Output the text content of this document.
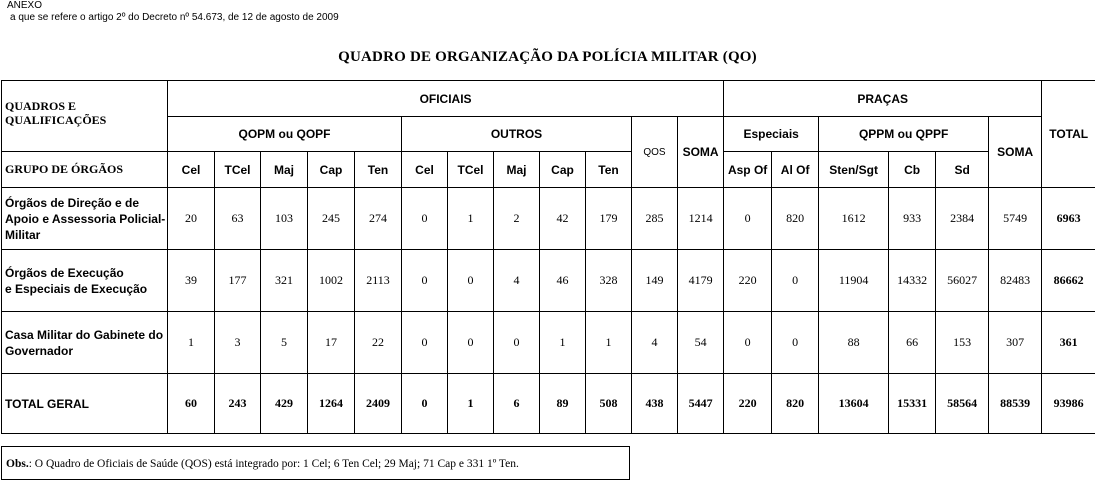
ANEXO
a que se refere o artigo 2º do Decreto nº 54.673, de 12 de agosto de 2009
QUADRO DE ORGANIZAÇÃO DA POLÍCIA MILITAR (QO)
QUADROS E
QUALIFICAÇÕES	OFICIAIS												PRAÇAS						TOTAL
	QOPM ou QOPF					OUTROS					QOS	SOMA	Especiais		QPPM ou QPPF			SOMA	
GRUPO DE ÓRGÃOS	Cel	TCel	Maj	Cap	Ten	Cel	TCel	Maj	Cap	Ten			Asp Of	Al Of	Sten/Sgt	Cb	Sd		
Órgãos de Direção e de
Apoio e Assessoria Policial-
Militar	20	63	103	245	274	0	1	2	42	179	285	1214	0	820	1612	933	2384	5749	6963
Órgãos de Execução
e Especiais de Execução	39	177	321	1002	2113	0	0	4	46	328	149	4179	220	0	11904	14332	56027	82483	86662
Casa Militar do Gabinete do
Governador	1	3	5	17	22	0	0	0	1	1	4	54	0	0	88	66	153	307	361
TOTAL GERAL	60	243	429	1264	2409	0	1	6	89	508	438	5447	220	820	13604	15331	58564	88539	93986
Obs.: O Quadro de Oficiais de Saúde (QOS) está integrado por: 1 Cel; 6 Ten Cel; 29 Maj; 71 Cap e 331 1º Ten.
